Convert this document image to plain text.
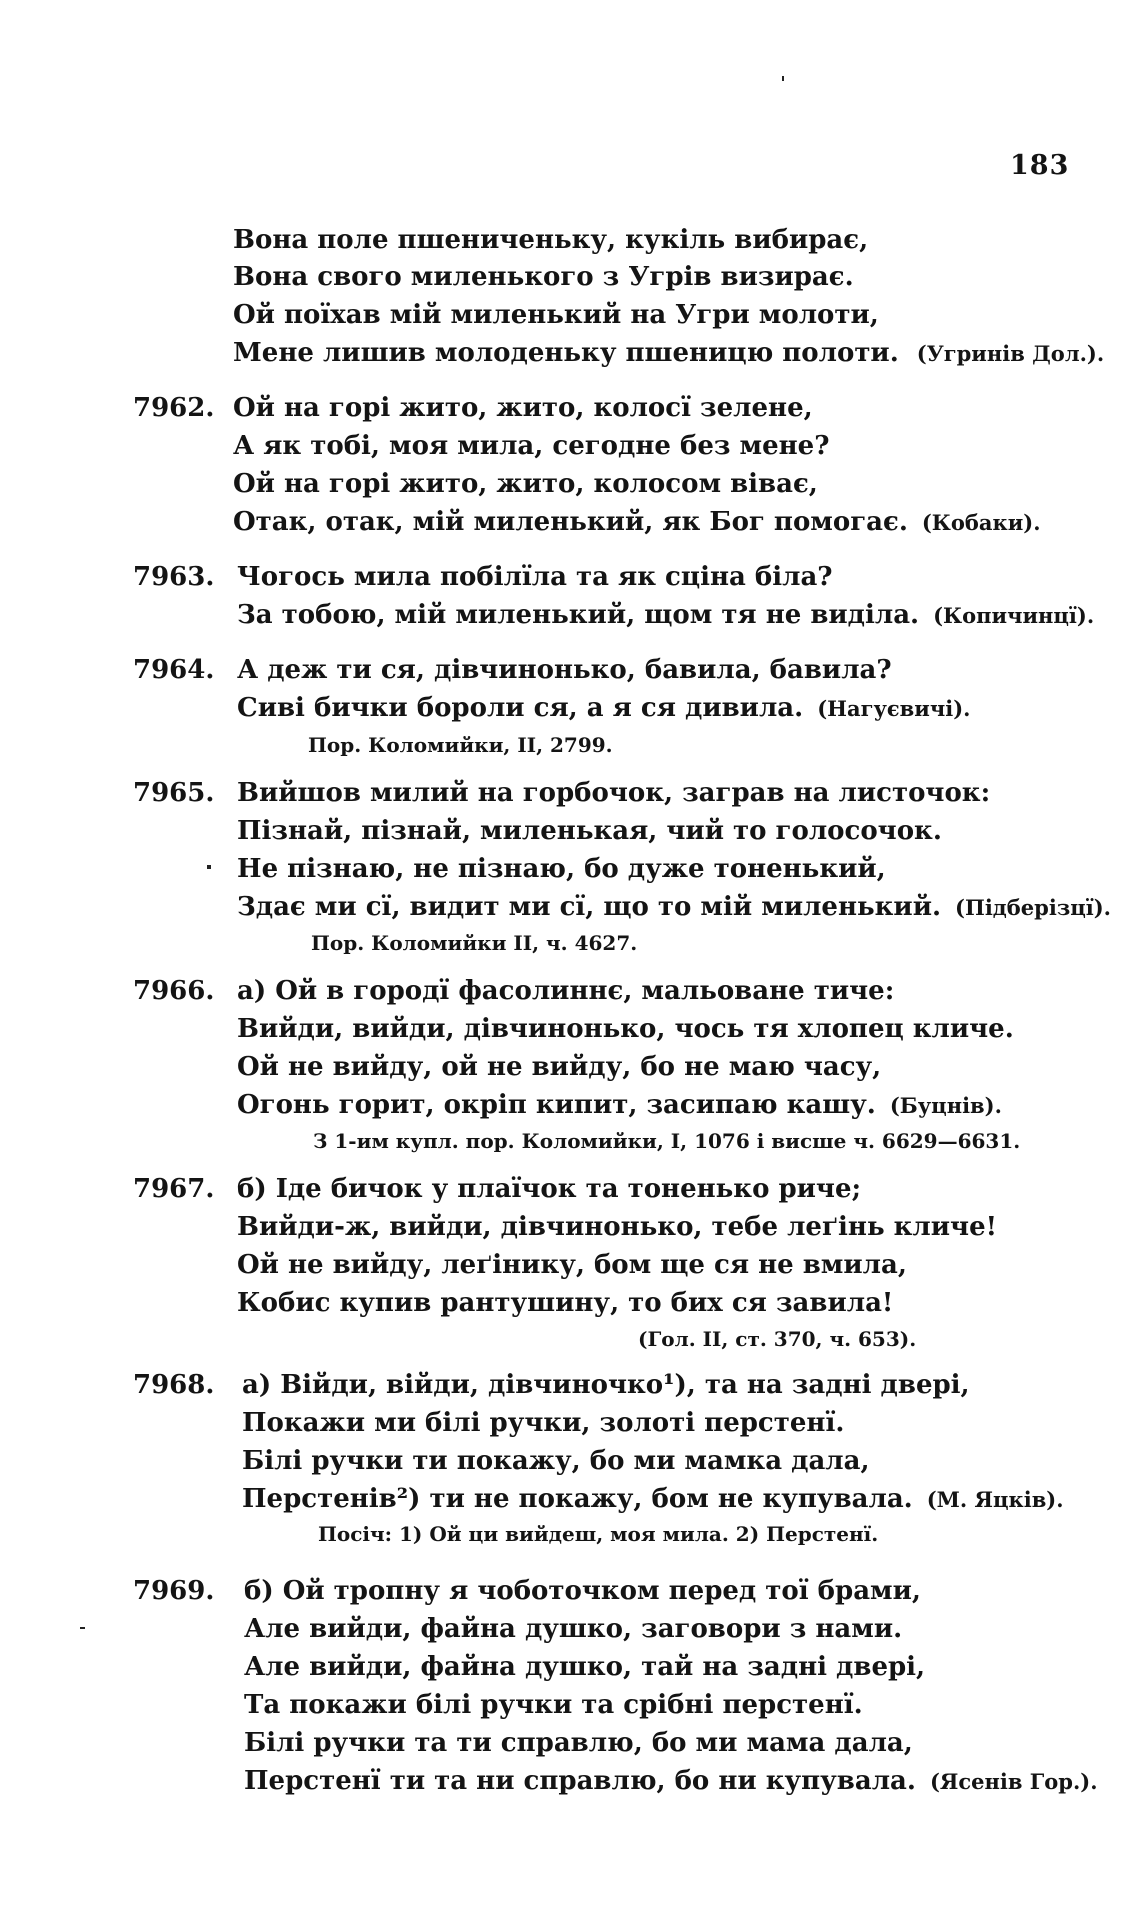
183
Вона поле пшениченьку, кукіль вибирає,
Вона свого миленького з Угрів визирає.
Ой поїхав мій миленький на Угри молоти,
Мене лишив молоденьку пшеницю полоти. (Угринів Дол.).
7962. Ой на горі жито, жито, колосї зелене,
А як тобі, моя мила, сегодне без мене?
Ой на горі жито, жито, колосом віває,
Отак, отак, мій миленький, як Бог помогає. (Кобаки).
7963. Чогось мила побілїла та як сціна біла?
За тобою, мій миленький, щом тя не виділа. (Копичинцї).
7964. А деж ти ся, дівчинонько, бавила, бавила?
Сиві бички бороли ся, а я ся дивила. (Нагуєвичі).
Пор. Коломийки, II, 2799.
7965. Вийшов милий на горбочок, заграв на листочок:
Пізнай, пізнай, миленькая, чий то голосочок.
Не пізнаю, не пізнаю, бо дуже тоненький,
Здає ми сї, видит ми сї, що то мій миленький. (Підберізцї).
Пор. Коломийки II, ч. 4627.
7966. а) Ой в городї фасолиннє, мальоване тиче:
Вийди, вийди, дівчинонько, чось тя хлопец кличе.
Ой не вийду, ой не вийду, бо не маю часу,
Огонь горит, окріп кипит, засипаю кашу. (Буцнів).
З 1-им купл. пор. Коломийки, I, 1076 і висше ч. 6629—6631.
7967. б) Іде бичок у плаїчок та тоненько риче;
Вийди-ж, вийди, дівчинонько, тебе леґінь кличе!
Ой не вийду, леґінику, бом ще ся не вмила,
Кобис купив рантушину, то бих ся завила!
(Гол. II, ст. 370, ч. 653).
7968. а) Війди, війди, дівчиночко¹), та на задні двері,
Покажи ми білі ручки, золоті перстенї.
Білі ручки ти покажу, бо ми мамка дала,
Перстенів²) ти не покажу, бом не купувала. (М. Яцків).
Посіч: 1) Ой ци вийдеш, моя мила. 2) Перстенї.
7969. б) Ой тропну я чоботочком перед тої брами,
Але вийди, файна душко, заговори з нами.
Але вийди, файна душко, тай на задні двері,
Та покажи білі ручки та срібні перстенї.
Білі ручки та ти справлю, бо ми мама дала,
Перстенї ти та ни справлю, бо ни купувала. (Ясенів Гор.).
